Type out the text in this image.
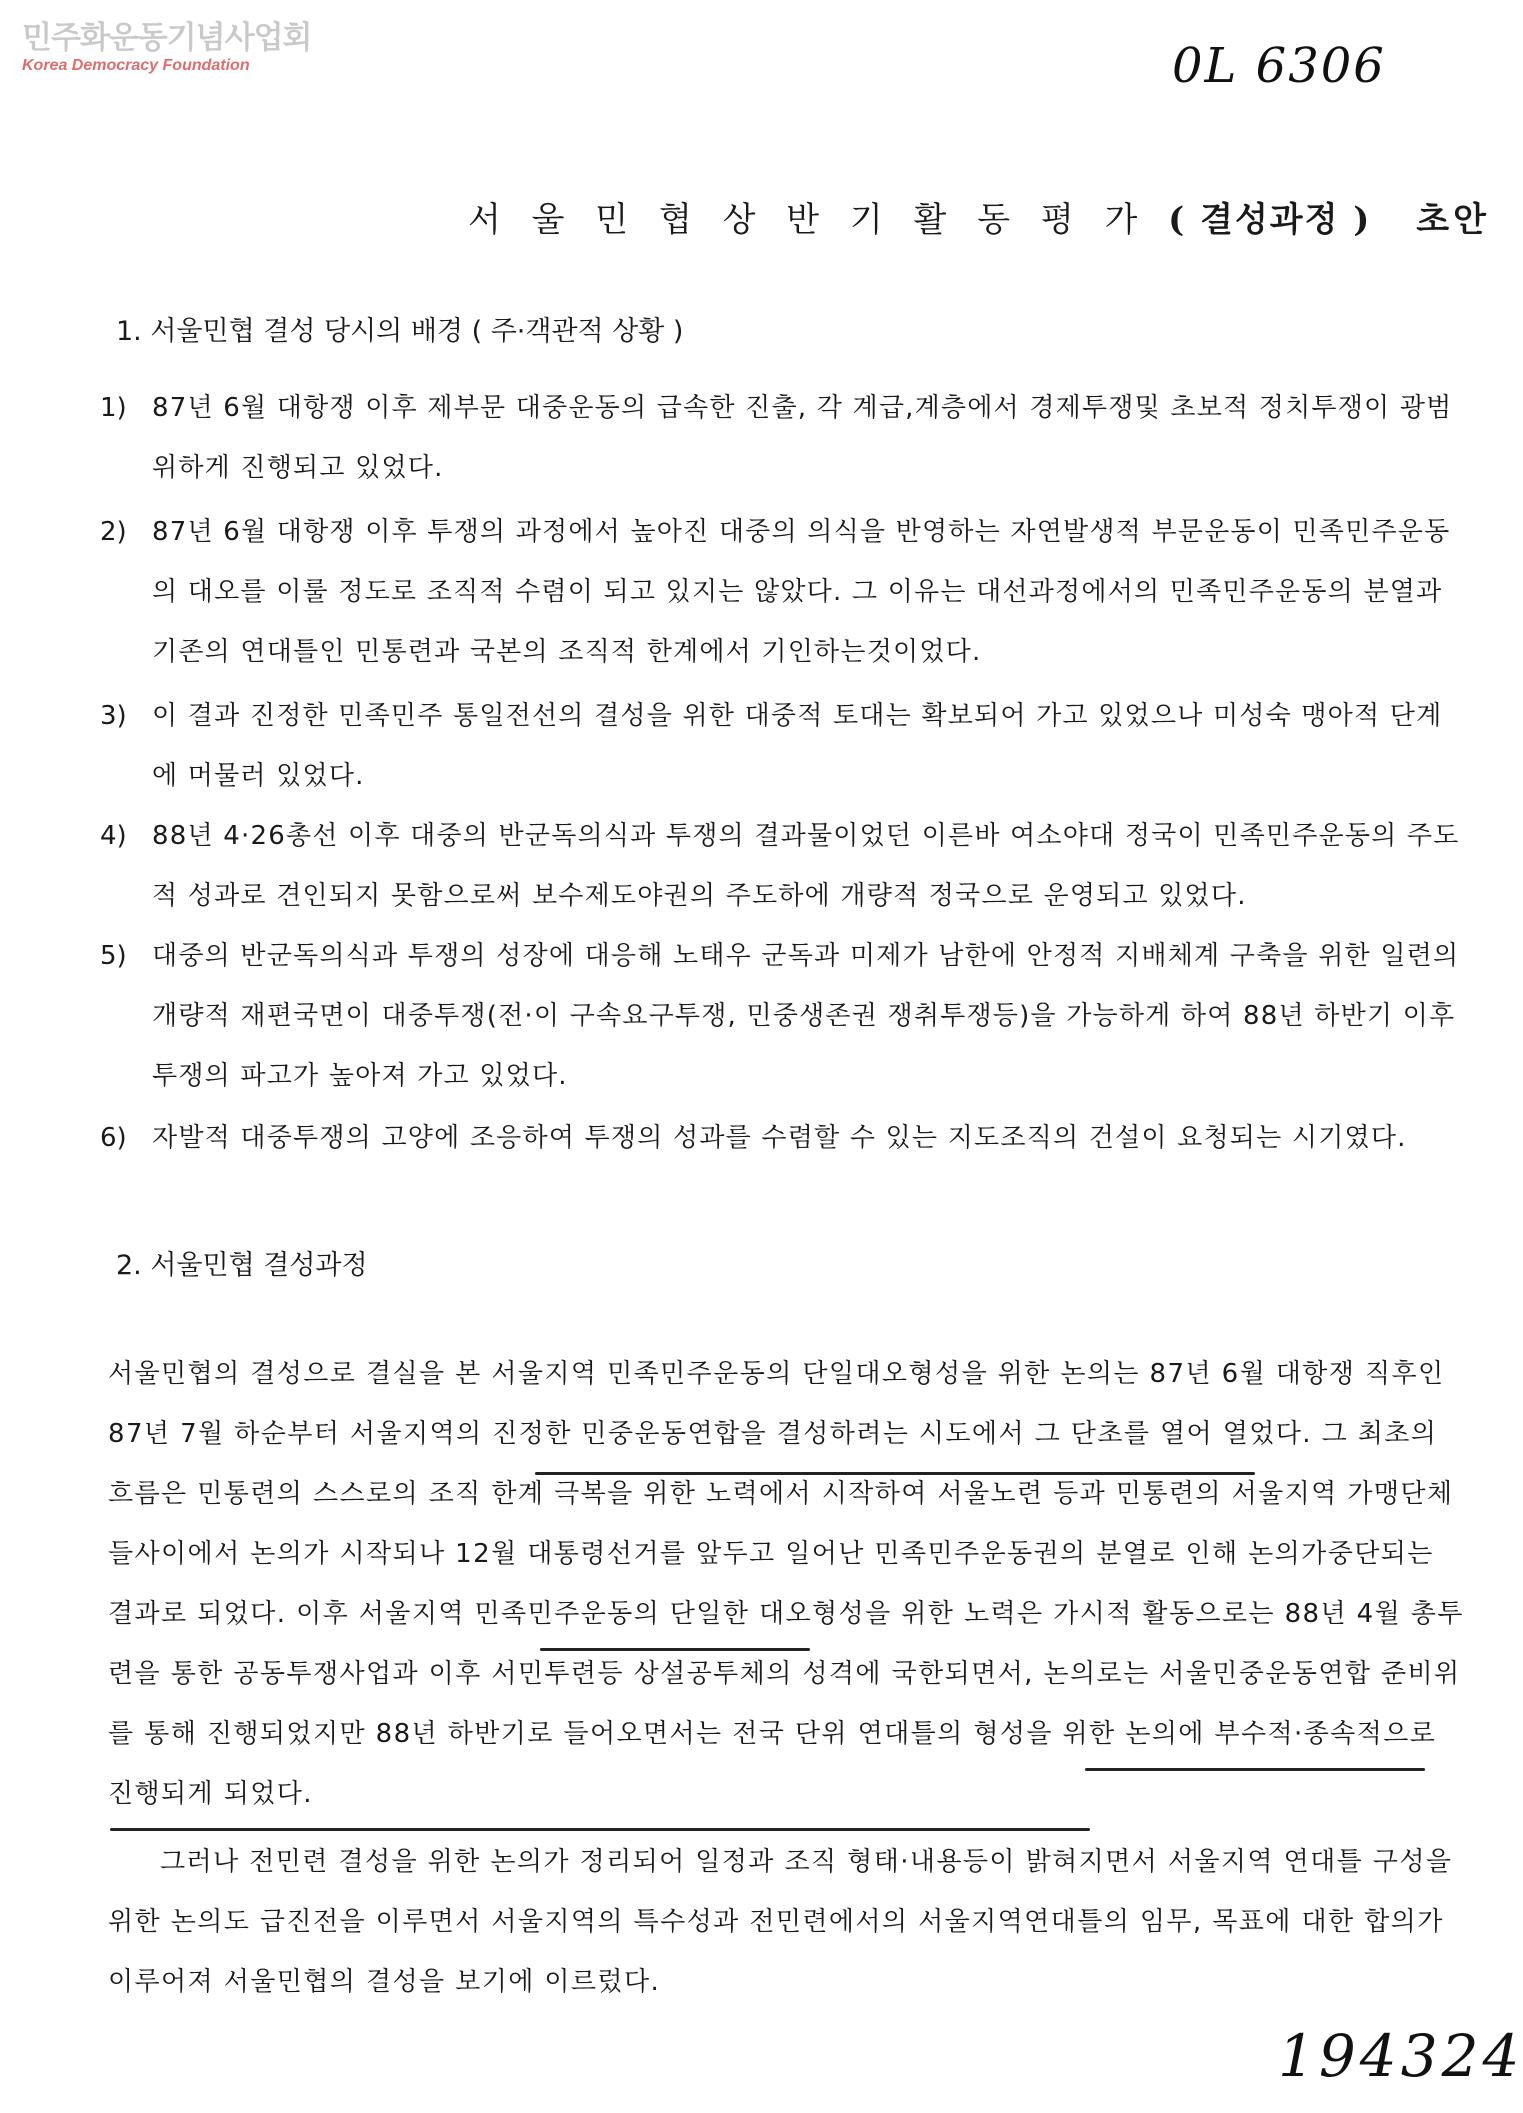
민주화운동기념사업회
Korea Democracy Foundation	0L 6306
서 울 민 협 상 반 기 활 동 평 가 ( 결성과정 ) 초안
1. 서울민협 결성 당시의 배경 ( 주·객관적 상황 )
1) 87년 6월 대항쟁 이후 제부문 대중운동의 급속한 진출, 각 계급,계층에서 경제투쟁및 초보적 정치투쟁이 광범위하게 진행되고 있었다.
2) 87년 6월 대항쟁 이후 투쟁의 과정에서 높아진 대중의 의식을 반영하는 자연발생적 부문운동이 민족민주운동의 대오를 이룰 정도로 조직적 수렴이 되고 있지는 않았다. 그 이유는 대선과정에서의 민족민주운동의 분열과 기존의 연대틀인 민통련과 국본의 조직적 한계에서 기인하는것이었다.
3) 이 결과 진정한 민족민주 통일전선의 결성을 위한 대중적 토대는 확보되어 가고 있었으나 미성숙 맹아적 단계에 머물러 있었다.
4) 88년 4·26총선 이후 대중의 반군독의식과 투쟁의 결과물이었던 이른바 여소야대 정국이 민족민주운동의 주도적 성과로 견인되지 못함으로써 보수제도야권의 주도하에 개량적 정국으로 운영되고 있었다.
5) 대중의 반군독의식과 투쟁의 성장에 대응해 노태우 군독과 미제가 남한에 안정적 지배체계 구축을 위한 일련의 개량적 재편국면이 대중투쟁(전·이 구속요구투쟁, 민중생존권 쟁취투쟁등)을 가능하게 하여 88년 하반기 이후 투쟁의 파고가 높아져 가고 있었다.
6) 자발적 대중투쟁의 고양에 조응하여 투쟁의 성과를 수렴할 수 있는 지도조직의 건설이 요청되는 시기였다.
2. 서울민협 결성과정
서울민협의 결성으로 결실을 본 서울지역 민족민주운동의 단일대오형성을 위한 논의는 87년 6월 대항쟁 직후인 87년 7월 하순부터 서울지역의 진정한 민중운동연합을 결성하려는 시도에서 그 단초를 열어 열었다. 그 최초의 흐름은 민통련의 스스로의 조직 한계 극복을 위한 노력에서 시작하여 서울노련 등과 민통련의 서울지역 가맹단체들사이에서 논의가 시작되나 12월 대통령선거를 앞두고 일어난 민족민주운동권의 분열로 인해 논의가중단되는 결과로 되었다. 이후 서울지역 민족민주운동의 단일한 대오형성을 위한 노력은 가시적 활동으로는 88년 4월 총투련을 통한 공동투쟁사업과 이후 서민투련등 상설공투체의 성격에 국한되면서, 논의로는 서울민중운동연합 준비위를 통해 진행되었지만 88년 하반기로 들어오면서는 전국 단위 연대틀의 형성을 위한 논의에 부수적·종속적으로 진행되게 되었다.
그러나 전민련 결성을 위한 논의가 정리되어 일정과 조직 형태·내용등이 밝혀지면서 서울지역 연대틀 구성을 위한 논의도 급진전을 이루면서 서울지역의 특수성과 전민련에서의 서울지역연대틀의 임무, 목표에 대한 합의가 이루어져 서울민협의 결성을 보기에 이르렀다.
194324
